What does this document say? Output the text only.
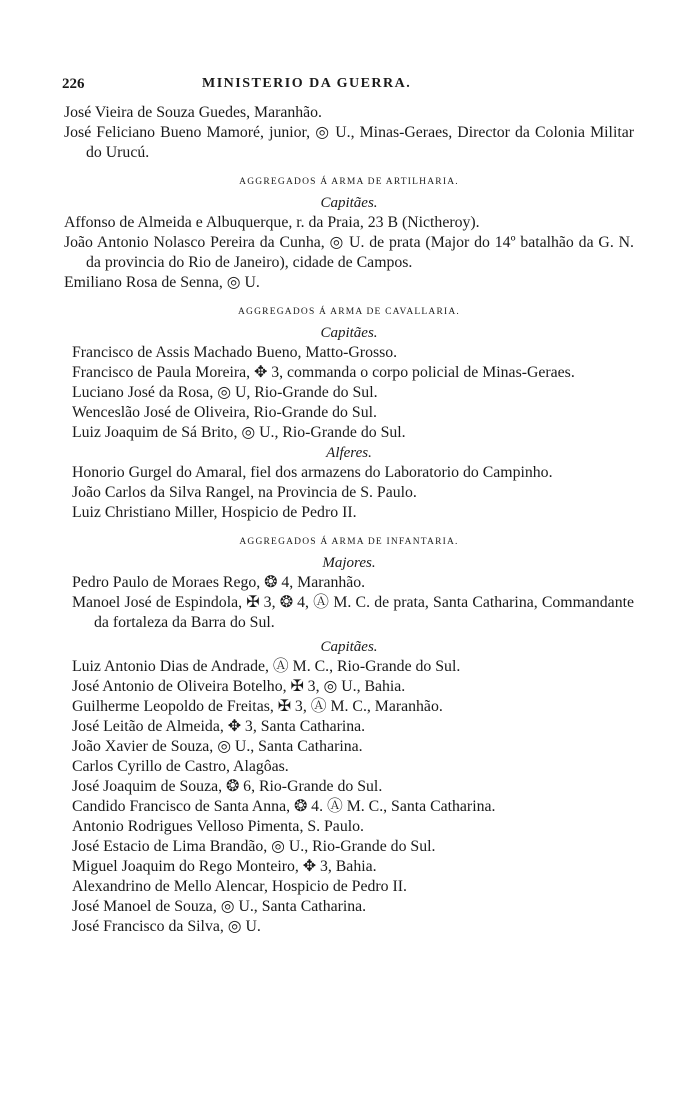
226	MINISTERIO DA GUERRA.

José Vieira de Souza Guedes, Maranhão.

José Feliciano Bueno Mamoré, junior, ◎ U., Minas-Geraes, Director da Colonia Militar do Urucú.

AGGREGADOS Á ARMA DE ARTILHARIA.

Capitães.

Affonso de Almeida e Albuquerque, r. da Praia, 23 B (Nictheroy).

João Antonio Nolasco Pereira da Cunha, ◎ U. de prata (Major do 14º batalhão da G. N. da provincia do Rio de Janeiro), cidade de Campos.

Emiliano Rosa de Senna, ◎ U.

AGGREGADOS Á ARMA DE CAVALLARIA.

Capitães.

Francisco de Assis Machado Bueno, Matto-Grosso.

Francisco de Paula Moreira, ✥ 3, commanda o corpo policial de Minas-Geraes.

Luciano José da Rosa, ◎ U, Rio-Grande do Sul.

Wenceslão José de Oliveira, Rio-Grande do Sul.

Luiz Joaquim de Sá Brito, ◎ U., Rio-Grande do Sul.

Alferes.

Honorio Gurgel do Amaral, fiel dos armazens do Laboratorio do Campinho.

João Carlos da Silva Rangel, na Provincia de S. Paulo.

Luiz Christiano Miller, Hospicio de Pedro II.

AGGREGADOS Á ARMA DE INFANTARIA.

Majores.

Pedro Paulo de Moraes Rego, ❂ 4, Maranhão.

Manoel José de Espindola, ✠ 3, ❂ 4, Ⓐ M. C. de prata, Santa Catharina, Commandante da fortaleza da Barra do Sul.

Capitães.

Luiz Antonio Dias de Andrade, Ⓐ M. C., Rio-Grande do Sul.

José Antonio de Oliveira Botelho, ✠ 3, ◎ U., Bahia.

Guilherme Leopoldo de Freitas, ✠ 3, Ⓐ M. C., Maranhão.

José Leitão de Almeida, ✥ 3, Santa Catharina.

João Xavier de Souza, ◎ U., Santa Catharina.

Carlos Cyrillo de Castro, Alagôas.

José Joaquim de Souza, ❂ 6, Rio-Grande do Sul.

Candido Francisco de Santa Anna, ❂ 4. Ⓐ M. C., Santa Catharina.

Antonio Rodrigues Velloso Pimenta, S. Paulo.

José Estacio de Lima Brandão, ◎ U., Rio-Grande do Sul.

Miguel Joaquim do Rego Monteiro, ✥ 3, Bahia.

Alexandrino de Mello Alencar, Hospicio de Pedro II.

José Manoel de Souza, ◎ U., Santa Catharina.

José Francisco da Silva, ◎ U.
